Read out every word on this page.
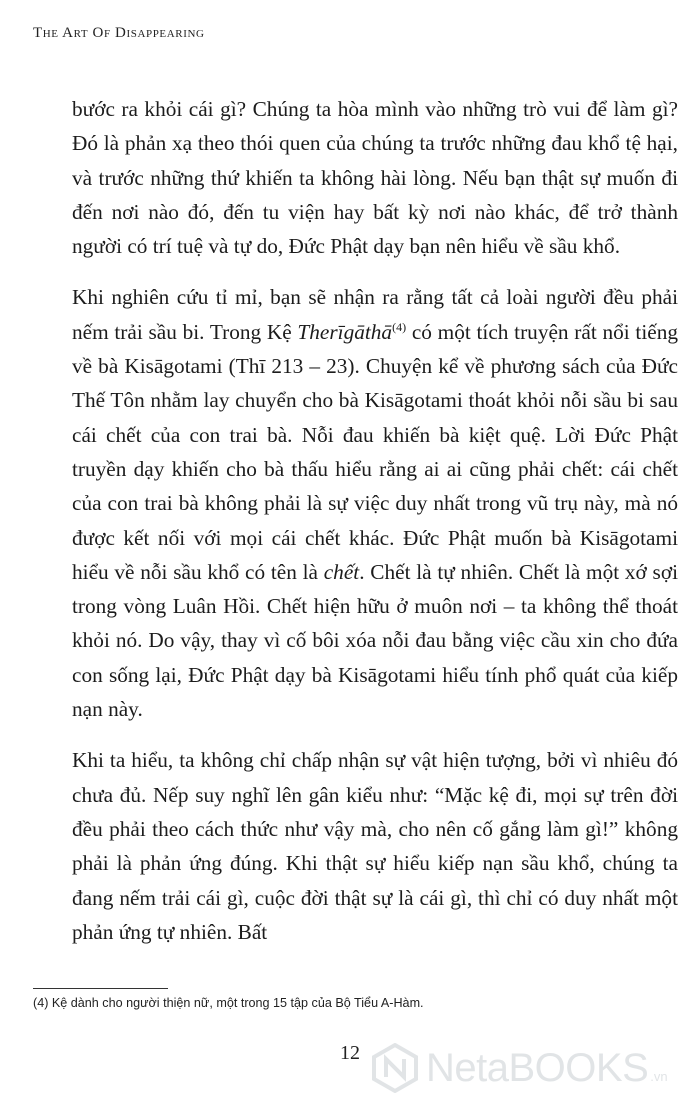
The Art Of Disappearing

bước ra khỏi cái gì? Chúng ta hòa mình vào những trò vui để làm gì? Đó là phản xạ theo thói quen của chúng ta trước những đau khổ tệ hại, và trước những thứ khiến ta không hài lòng. Nếu bạn thật sự muốn đi đến nơi nào đó, đến tu viện hay bất kỳ nơi nào khác, để trở thành người có trí tuệ và tự do, Đức Phật dạy bạn nên hiểu về sầu khổ.

Khi nghiên cứu tỉ mỉ, bạn sẽ nhận ra rằng tất cả loài người đều phải nếm trải sầu bi. Trong Kệ Therīgāthā$^{(4)}$ có một tích truyện rất nổi tiếng về bà Kisāgotami (Thī 213 – 23). Chuyện kể về phương sách của Đức Thế Tôn nhằm lay chuyển cho bà Kisāgotami thoát khỏi nỗi sầu bi sau cái chết của con trai bà. Nỗi đau khiến bà kiệt quệ. Lời Đức Phật truyền dạy khiến cho bà thấu hiểu rằng ai ai cũng phải chết: cái chết của con trai bà không phải là sự việc duy nhất trong vũ trụ này, mà nó được kết nối với mọi cái chết khác. Đức Phật muốn bà Kisāgotami hiểu về nỗi sầu khổ có tên là chết. Chết là tự nhiên. Chết là một xớ sợi trong vòng Luân Hồi. Chết hiện hữu ở muôn nơi – ta không thể thoát khỏi nó. Do vậy, thay vì cố bôi xóa nỗi đau bằng việc cầu xin cho đứa con sống lại, Đức Phật dạy bà Kisāgotami hiểu tính phổ quát của kiếp nạn này.

Khi ta hiểu, ta không chỉ chấp nhận sự vật hiện tượng, bởi vì nhiêu đó chưa đủ. Nếp suy nghĩ lên gân kiểu như: “Mặc kệ đi, mọi sự trên đời đều phải theo cách thức như vậy mà, cho nên cố gắng làm gì!” không phải là phản ứng đúng. Khi thật sự hiểu kiếp nạn sầu khổ, chúng ta đang nếm trải cái gì, cuộc đời thật sự là cái gì, thì chỉ có duy nhất một phản ứng tự nhiên. Bất

(4) Kệ dành cho người thiện nữ, một trong 15 tập của Bộ Tiểu A-Hàm.
12	NetaBOOKS .vn
